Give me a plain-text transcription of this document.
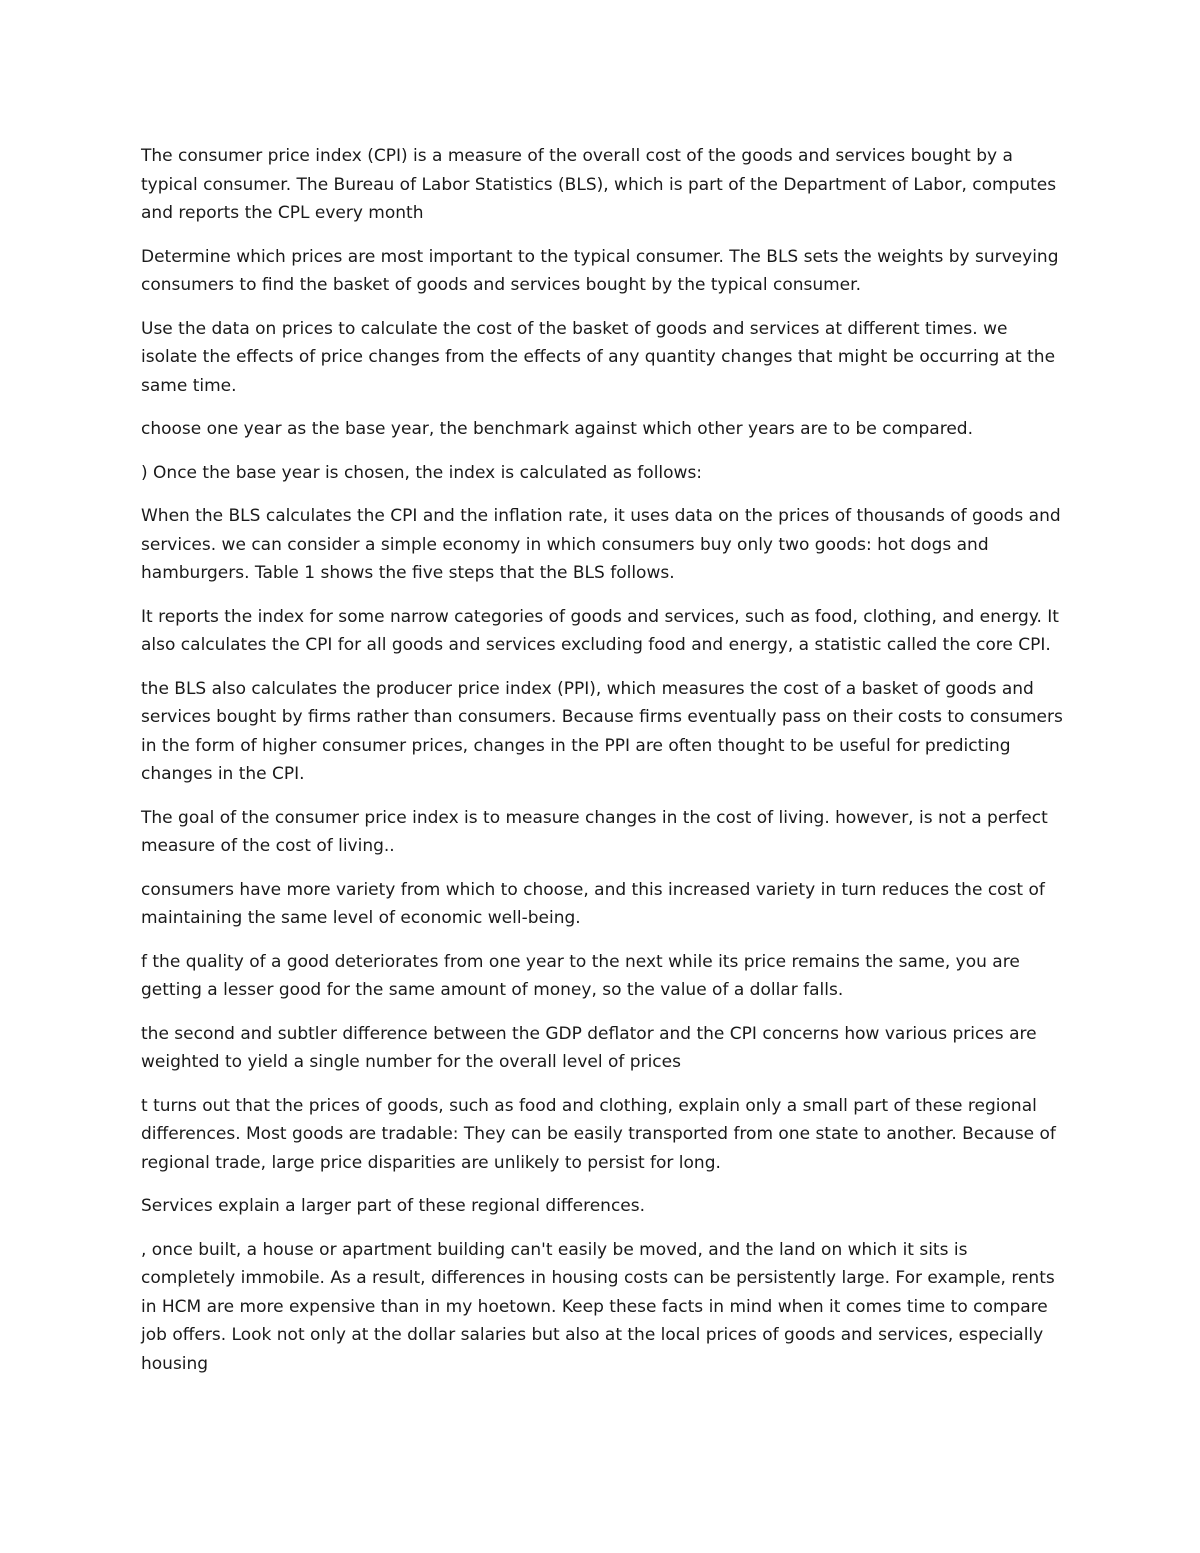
The consumer price index (CPI) is a measure of the overall cost of the goods and services bought by a typical consumer. The Bureau of Labor Statistics (BLS), which is part of the Department of Labor, computes and reports the CPL every month

Determine which prices are most important to the typical consumer. The BLS sets the weights by surveying consumers to find the basket of goods and services bought by the typical consumer.

Use the data on prices to calculate the cost of the basket of goods and services at different times. we isolate the effects of price changes from the effects of any quantity changes that might be occurring at the same time.

choose one year as the base year, the benchmark against which other years are to be compared.

) Once the base year is chosen, the index is calculated as follows:

When the BLS calculates the CPI and the inflation rate, it uses data on the prices of thousands of goods and services. we can consider a simple economy in which consumers buy only two goods: hot dogs and hamburgers. Table 1 shows the five steps that the BLS follows.

It reports the index for some narrow categories of goods and services, such as food, clothing, and energy. It also calculates the CPI for all goods and services excluding food and energy, a statistic called the core CPI.

the BLS also calculates the producer price index (PPI), which measures the cost of a basket of goods and services bought by firms rather than consumers. Because firms eventually pass on their costs to consumers in the form of higher consumer prices, changes in the PPI are often thought to be useful for predicting changes in the CPI.

The goal of the consumer price index is to measure changes in the cost of living. however, is not a perfect measure of the cost of living..

consumers have more variety from which to choose, and this increased variety in turn reduces the cost of maintaining the same level of economic well-being.

f the quality of a good deteriorates from one year to the next while its price remains the same, you are getting a lesser good for the same amount of money, so the value of a dollar falls.

the second and subtler difference between the GDP deflator and the CPI concerns how various prices are weighted to yield a single number for the overall level of prices

t turns out that the prices of goods, such as food and clothing, explain only a small part of these regional differences. Most goods are tradable: They can be easily transported from one state to another. Because of regional trade, large price disparities are unlikely to persist for long.

Services explain a larger part of these regional differences.

, once built, a house or apartment building can't easily be moved, and the land on which it sits is completely immobile. As a result, differences in housing costs can be persistently large. For example, rents in HCM are more expensive than in my hoetown. Keep these facts in mind when it comes time to compare job offers. Look not only at the dollar salaries but also at the local prices of goods and services, especially housing
